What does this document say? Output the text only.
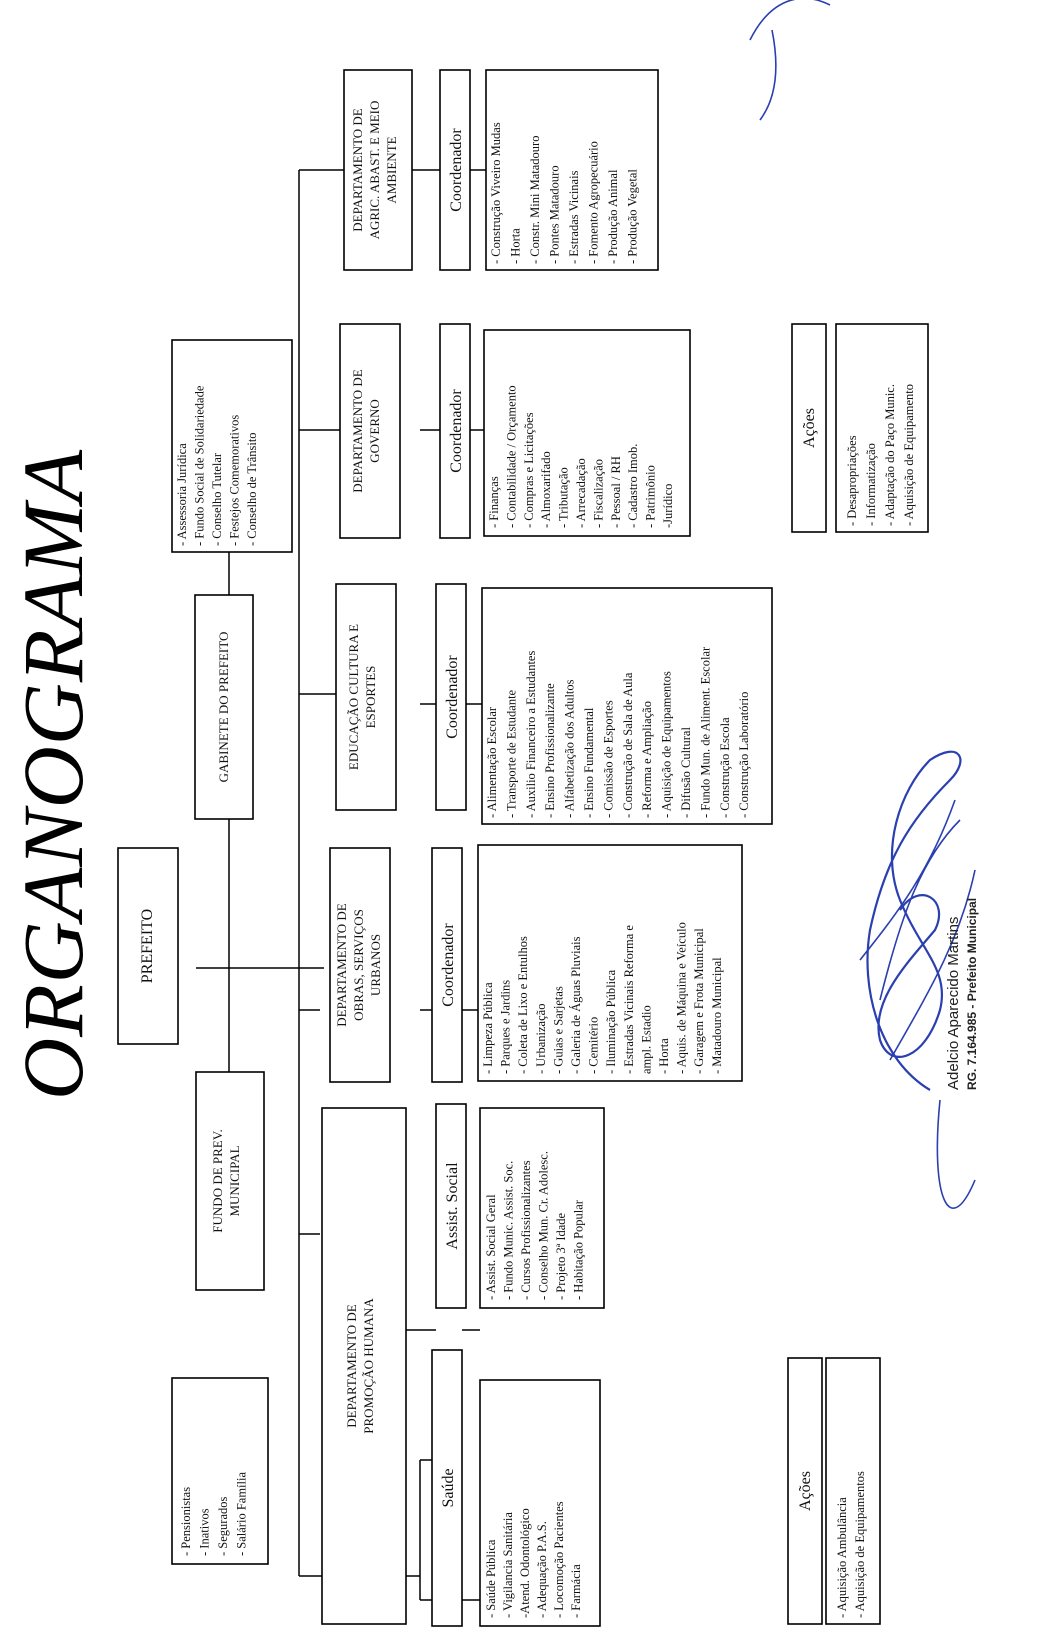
ORGANOGRAMA PREFEITO
GABINETE DO PREFEITO
FUNDO DE PREV. MUNICIPAL
DEPARTAMENTO DE PROMOÇÃO HUMANA
Saúde
Assist. Social
DEPARTAMENTO DE OBRAS, SERVIÇOS URBANOS	Coordenador
EDUCAÇÃO CULTURA E ESPORTES	Coordenador
DEPARTAMENTO DE GOVERNO	Coordenador
DEPARTAMENTO DE AGRIC. ABAST. E MEIO AMBIENTE	Coordenador
Ações
Ações
- Assessoria Jurídica - Fundo Social de Solidariedade - Conselho Tutelar - Festejos Comemorativos - Conselho de Trânsito
- Pensionistas - Inativos - Segurados - Salário Família
- Saúde Pública - Vigilancia Sanitária -Atend. Odontológico - Adequação P.A.S. - Locomoção Pacientes - Farmácia
- Assist. Social Geral - Fundo Munic. Assist. Soc. - Cursos Profissionalizantes - Conselho Mun. Cr. Adolesc. - Projeto 3ª Idade - Habitação Popular
- Limpeza Pública - Parques e Jardins - Coleta de Lixo e Entulhos - Urbanização - Guias e Sarjetas - Galeria de Águas Pluviais - Cemitério - Iluminação Pública - Estradas Vicinais Reforma e ampl. Estadio - Horta - Aquis. de Máquina e Veículo - Garagem e Frota Municipal - Matadouro Municipal
- Alimentação Escolar - Transporte de Estudante - Auxilio Financeiro a Estudantes - Ensino Profissionalizante - Alfabetização dos Adultos - Ensino Fundamental - Comissão de Esportes - Construção de Sala de Aula - Reforma e Ampliação - Aquisição de Equipamentos - Difusão Cultural - Fundo Mun. de Aliment. Escolar - Construção Escola - Construção Laboratório
- Finanças - Contabilidade / Orçamento - Compras e Licitações - Almoxarifado - Tributação - Arrecadação - Fiscalização - Pessoal / RH - Cadastro Imob. - Patrimônio -Jurídico
- Construção Viveiro Mudas - Horta - Constr. Mini Matadouro - Pontes Matadouro - Estradas Vicinais - Fomento Agropecuário - Produção Animal - Produção Vegetal
- Aquisição Ambulância - Aquisição de Equipamentos
- Desapropriações - Informatização - Adaptação do Paço Munic. - Aquisição de Equipamento
Adelcio Aparecido Martins RG. 7.164.985 - Prefeito Municipal
